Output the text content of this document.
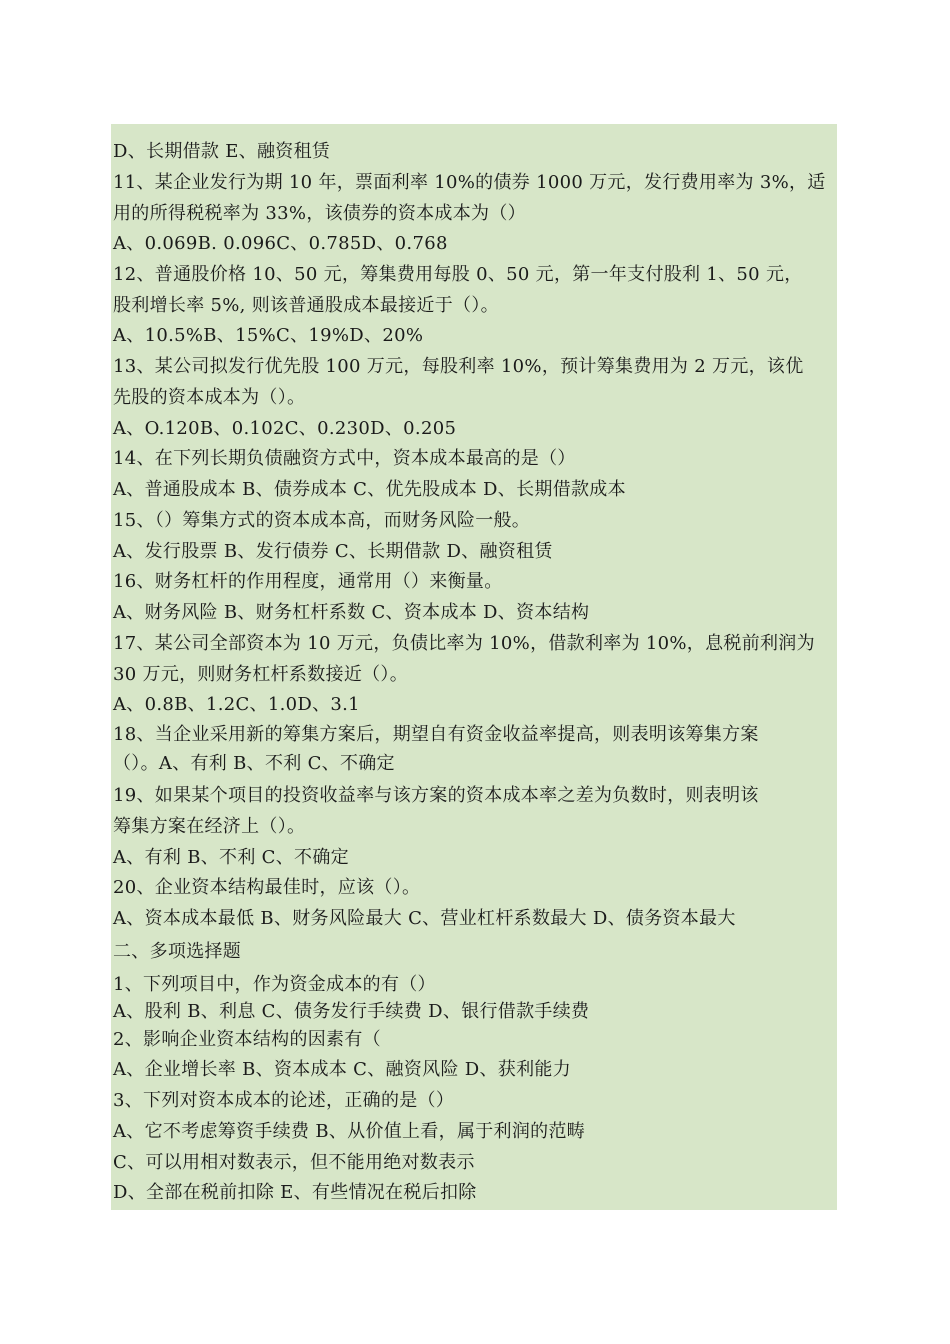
D、长期借款 E、融资租赁
11、某企业发行为期 10 年，票面利率 10%的债券 1000 万元，发行费用率为 3%，适
用的所得税税率为 33%，该债券的资本成本为（）
A、0.069B. 0.096C、0.785D、0.768
12、普通股价格 10、50 元，筹集费用每股 0、50 元，第一年支付股利 1、50 元，
股利增长率 5%, 则该普通股成本最接近于（）。
A、10.5%B、15%C、19%D、20%
13、某公司拟发行优先股 100 万元，每股利率 10%，预计筹集费用为 2 万元，该优
先股的资本成本为（）。
A、O.120B、0.102C、0.230D、0.205
14、在下列长期负债融资方式中，资本成本最高的是（）
A、普通股成本 B、债券成本 C、优先股成本 D、长期借款成本
15、（）筹集方式的资本成本高，而财务风险一般。
A、发行股票 B、发行债券 C、长期借款 D、融资租赁
16、财务杠杆的作用程度，通常用（）来衡量。
A、财务风险 B、财务杠杆系数 C、资本成本 D、资本结构
17、某公司全部资本为 10 万元，负债比率为 10%，借款利率为 10%，息税前利润为
30 万元，则财务杠杆系数接近（）。
A、0.8B、1.2C、1.0D、3.1
18、当企业采用新的筹集方案后，期望自有资金收益率提高，则表明该筹集方案
（）。A、有利 B、不利 C、不确定
19、如果某个项目的投资收益率与该方案的资本成本率之差为负数时，则表明该
筹集方案在经济上（）。
A、有利 B、不利 C、不确定
20、企业资本结构最佳时，应该（）。
A、资本成本最低 B、财务风险最大 C、营业杠杆系数最大 D、债务资本最大
二、多项选择题
1、下列项目中，作为资金成本的有（）
A、股利 B、利息 C、债务发行手续费 D、银行借款手续费
2、影响企业资本结构的因素有（
A、企业增长率 B、资本成本 C、融资风险 D、获利能力
3、下列对资本成本的论述，正确的是（）
A、它不考虑筹资手续费 B、从价值上看，属于利润的范畴
C、可以用相对数表示，但不能用绝对数表示
D、全部在税前扣除 E、有些情况在税后扣除
